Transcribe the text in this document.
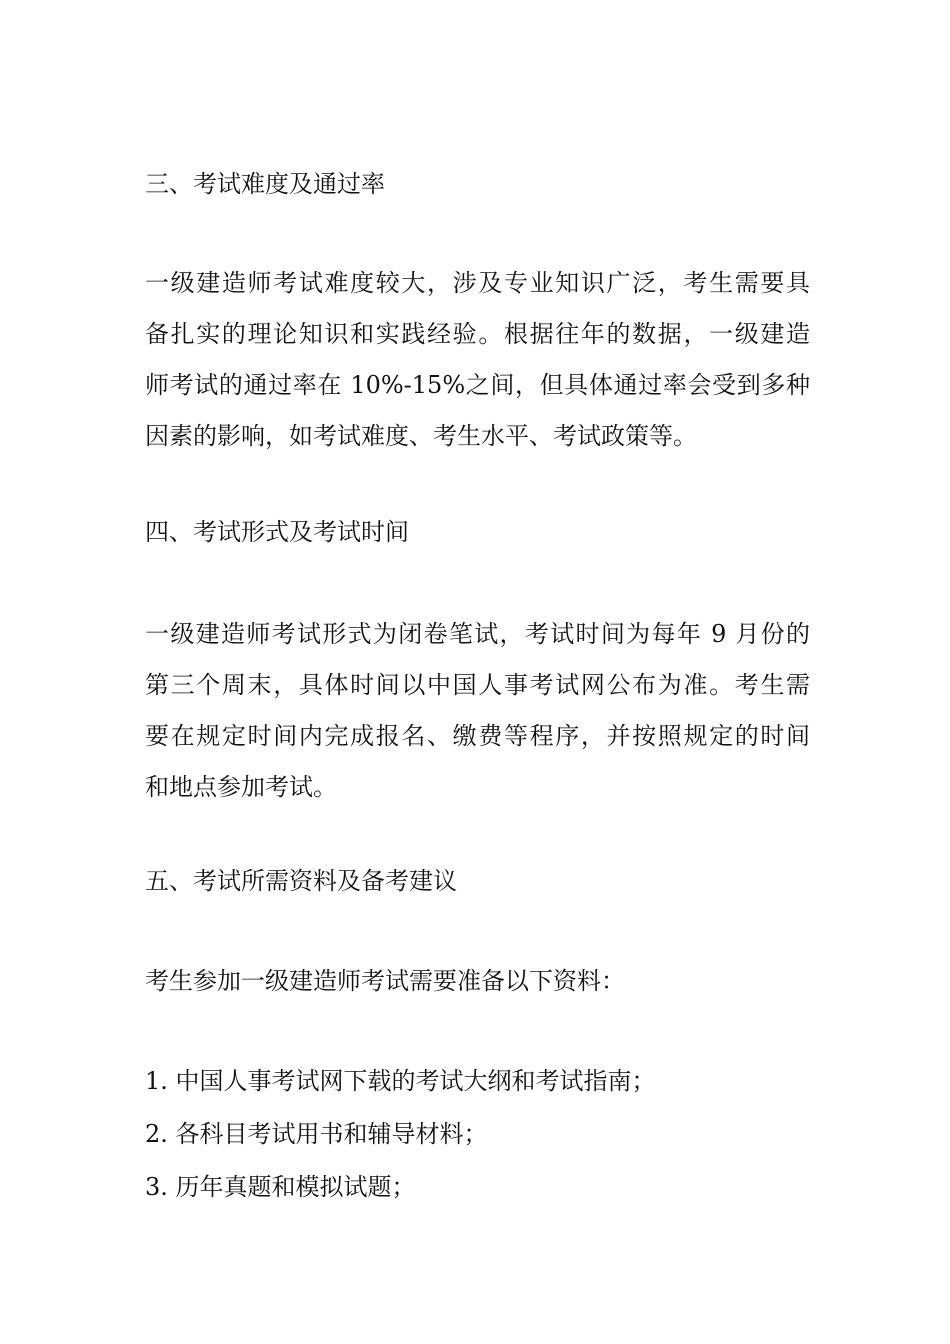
三、考试难度及通过率
一级建造师考试难度较大，涉及专业知识广泛，考生需要具
备扎实的理论知识和实践经验。根据往年的数据，一级建造
师考试的通过率在 10%-15%之间，但具体通过率会受到多种
因素的影响，如考试难度、考生水平、考试政策等。
四、考试形式及考试时间
一级建造师考试形式为闭卷笔试，考试时间为每年 9 月份的
第三个周末，具体时间以中国人事考试网公布为准。考生需
要在规定时间内完成报名、缴费等程序，并按照规定的时间
和地点参加考试。
五、考试所需资料及备考建议
考生参加一级建造师考试需要准备以下资料：
1. 中国人事考试网下载的考试大纲和考试指南；
2. 各科目考试用书和辅导材料；
3. 历年真题和模拟试题；
